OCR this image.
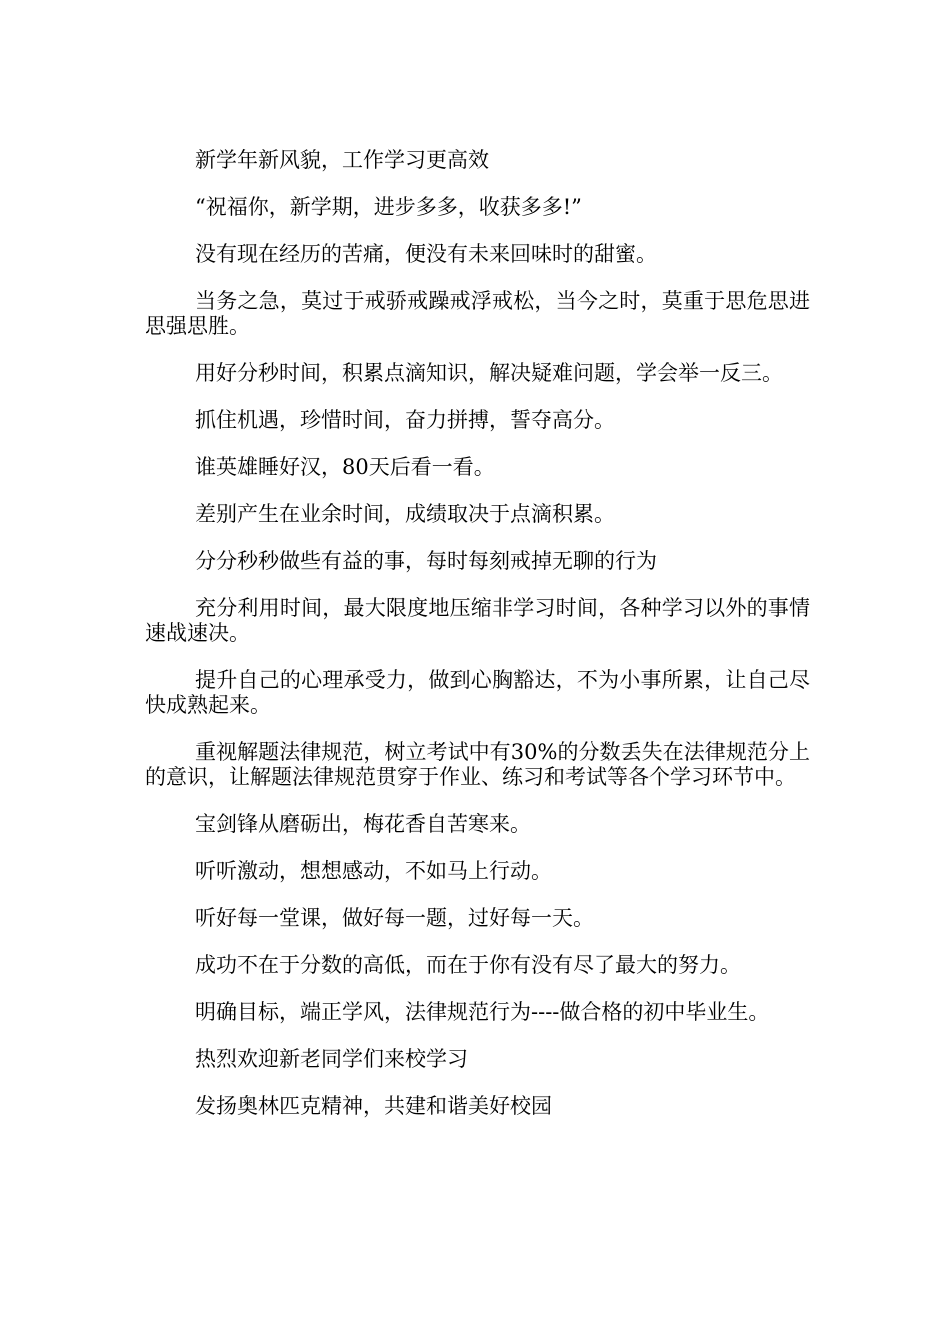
新学年新风貌，工作学习更高效

“祝福你，新学期，进步多多，收获多多!”

没有现在经历的苦痛，便没有未来回味时的甜蜜。

当务之急，莫过于戒骄戒躁戒浮戒松，当今之时，莫重于思危思进思强思胜。

用好分秒时间，积累点滴知识，解决疑难问题，学会举一反三。

抓住机遇，珍惜时间，奋力拼搏，誓夺高分。

谁英雄睡好汉，80天后看一看。

差别产生在业余时间，成绩取决于点滴积累。

分分秒秒做些有益的事，每时每刻戒掉无聊的行为

充分利用时间，最大限度地压缩非学习时间，各种学习以外的事情速战速决。

提升自己的心理承受力，做到心胸豁达，不为小事所累，让自己尽快成熟起来。

重视解题法律规范，树立考试中有30%的分数丢失在法律规范分上的意识，让解题法律规范贯穿于作业、练习和考试等各个学习环节中。

宝剑锋从磨砺出，梅花香自苦寒来。

听听激动，想想感动，不如马上行动。

听好每一堂课，做好每一题，过好每一天。

成功不在于分数的高低，而在于你有没有尽了最大的努力。

明确目标，端正学风，法律规范行为----做合格的初中毕业生。

热烈欢迎新老同学们来校学习

发扬奥林匹克精神，共建和谐美好校园
